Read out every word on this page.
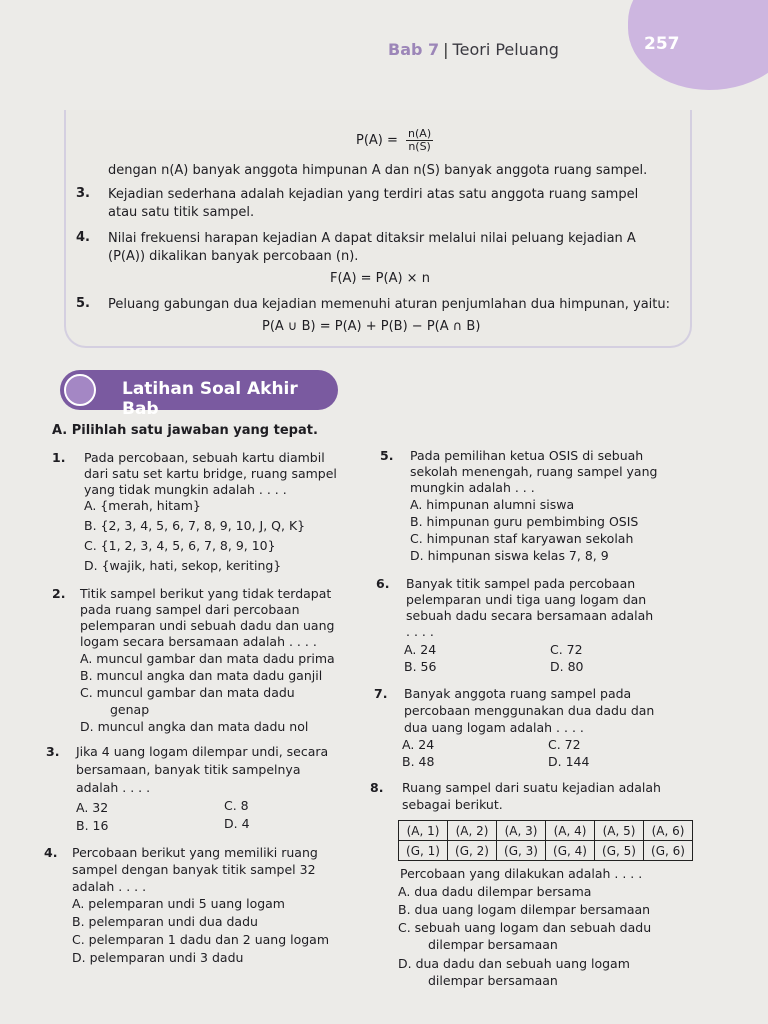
257
Bab 7 | Teori Peluang
$P(A) = \frac{n(A)}{n(S)}$
dengan n(A) banyak anggota himpunan A dan n(S) banyak anggota ruang sampel.
3. Kejadian sederhana adalah kejadian yang terdiri atas satu anggota ruang sampel
atau satu titik sampel.
4. Nilai frekuensi harapan kejadian A dapat ditaksir melalui nilai peluang kejadian A
(P(A)) dikalikan banyak percobaan (n).
F(A) = P(A) × n
5. Peluang gabungan dua kejadian memenuhi aturan penjumlahan dua himpunan, yaitu:
P(A ∪ B) = P(A) + P(B) − P(A ∩ B)
Latihan Soal Akhir Bab
A. Pilihlah satu jawaban yang tepat.
1. Pada percobaan, sebuah kartu diambil
dari satu set kartu bridge, ruang sampel
yang tidak mungkin adalah . . . .
A. {merah, hitam}
B. {2, 3, 4, 5, 6, 7, 8, 9, 10, J, Q, K}
C. {1, 2, 3, 4, 5, 6, 7, 8, 9, 10}
D. {wajik, hati, sekop, keriting}
2. Titik sampel berikut yang tidak terdapat
pada ruang sampel dari percobaan
pelemparan undi sebuah dadu dan uang
logam secara bersamaan adalah . . . .
A. muncul gambar dan mata dadu prima
B. muncul angka dan mata dadu ganjil
C. muncul gambar dan mata dadu
genap
D. muncul angka dan mata dadu nol
3. Jika 4 uang logam dilempar undi, secara
bersamaan, banyak titik sampelnya
adalah . . . .
A. 32	C. 8
B. 16	D. 4
4. Percobaan berikut yang memiliki ruang
sampel dengan banyak titik sampel 32
adalah . . . .
A. pelemparan undi 5 uang logam
B. pelemparan undi dua dadu
C. pelemparan 1 dadu dan 2 uang logam
D. pelemparan undi 3 dadu
5. Pada pemilihan ketua OSIS di sebuah
sekolah menengah, ruang sampel yang
mungkin adalah . . .
A. himpunan alumni siswa
B. himpunan guru pembimbing OSIS
C. himpunan staf karyawan sekolah
D. himpunan siswa kelas 7, 8, 9
6. Banyak titik sampel pada percobaan
pelemparan undi tiga uang logam dan
sebuah dadu secara bersamaan adalah
. . . .
A. 24	C. 72
B. 56	D. 80
7. Banyak anggota ruang sampel pada
percobaan menggunakan dua dadu dan
dua uang logam adalah . . . .
A. 24	C. 72
B. 48	D. 144
8. Ruang sampel dari suatu kejadian adalah
sebagai berikut.
(A, 1)	(A, 2)	(A, 3)	(A, 4)	(A, 5)	(A, 6)
(G, 1)	(G, 2)	(G, 3)	(G, 4)	(G, 5)	(G, 6)
Percobaan yang dilakukan adalah . . . .
A. dua dadu dilempar bersama
B. dua uang logam dilempar bersamaan
C. sebuah uang logam dan sebuah dadu
dilempar bersamaan
D. dua dadu dan sebuah uang logam
dilempar bersamaan
